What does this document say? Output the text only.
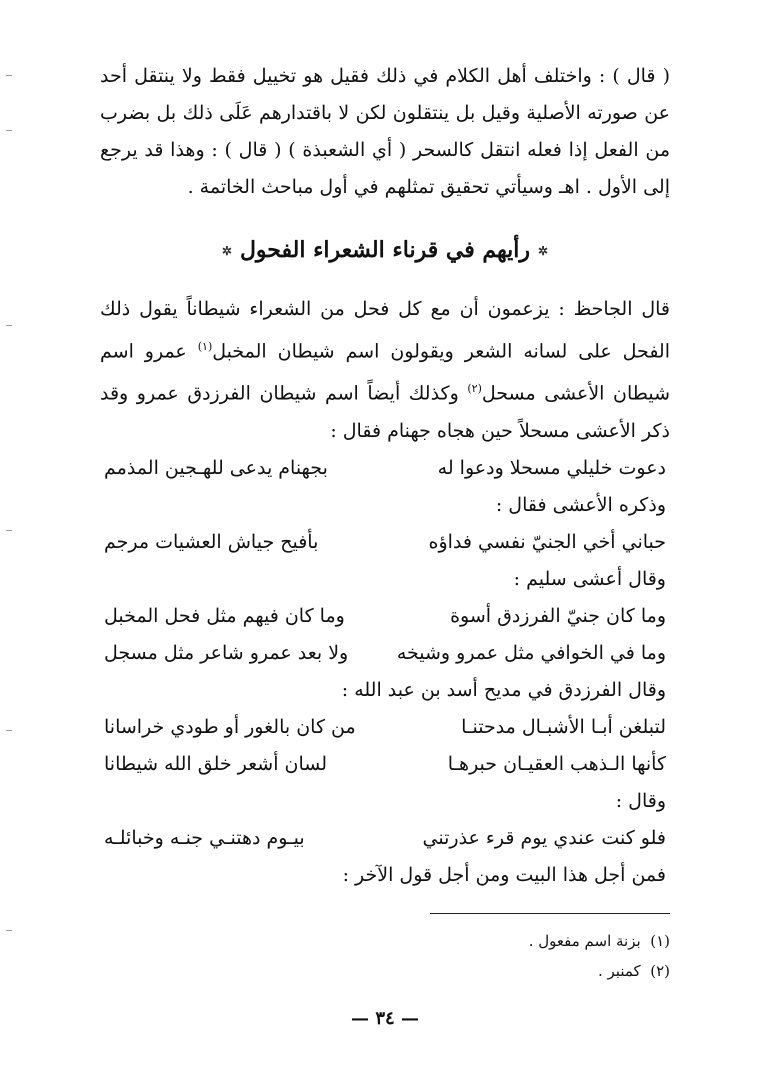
( قال ) : واختلف أهل الكلام في ذلك فقيل هو تخييل فقط ولا ينتقل أحد عن صورته الأصلية وقيل بل ينتقلون لكن لا باقتدارهم عَلَى ذلك بل بضرب من الفعل إذا فعله انتقل كالسحر ( أي الشعبذة ) ( قال ) : وهذا قد يرجع إلى الأول . اهـ وسيأتي تحقيق تمثلهم في أول مباحث الخاتمة .

✲رأيهم في قرناء الشعراء الفحول✲

قال الجاحظ : يزعمون أن مع كل فحل من الشعراء شيطاناً يقول ذلك الفحل على لسانه الشعر ويقولون اسم شيطان المخبل$^{(١)}$ عمرو اسم شيطان الأعشى مسحل$^{(٢)}$ وكذلك أيضاً اسم شيطان الفرزدق عمرو وقد ذكر الأعشى مسحلاً حين هجاه جهنام فقال :

دعوت خليلي مسحلا ودعوا له
بجهنام يدعى للهـجين المذمم
وذكره الأعشى فقال :
حباني أخي الجنيّ نفسي فداؤه
بأفيح جياش العشيات مرجم
وقال أعشى سليم :
وما كان جنيّ الفرزدق أسوة
وما كان فيهم مثل فحل المخبل
وما في الخوافي مثل عمرو وشيخه
ولا بعد عمرو شاعر مثل مسجل
وقال الفرزدق في مديح أسد بن عبد الله :
لتبلغن أبـا الأشبـال مدحتنـا
من كان بالغور أو طودي خراسانا
كأنها الـذهب العقيـان حبرهـا
لسان أشعر خلق الله شيطانا
وقال :
فلو كنت عندي يوم قرء عذرتني
بيـوم دهتنـي جنـه وخبائلـه
فمن أجل هذا البيت ومن أجل قول الآخر :
(١)  بزنة اسم مفعول .
(٢)  كمنبر .
— ٣٤ —
